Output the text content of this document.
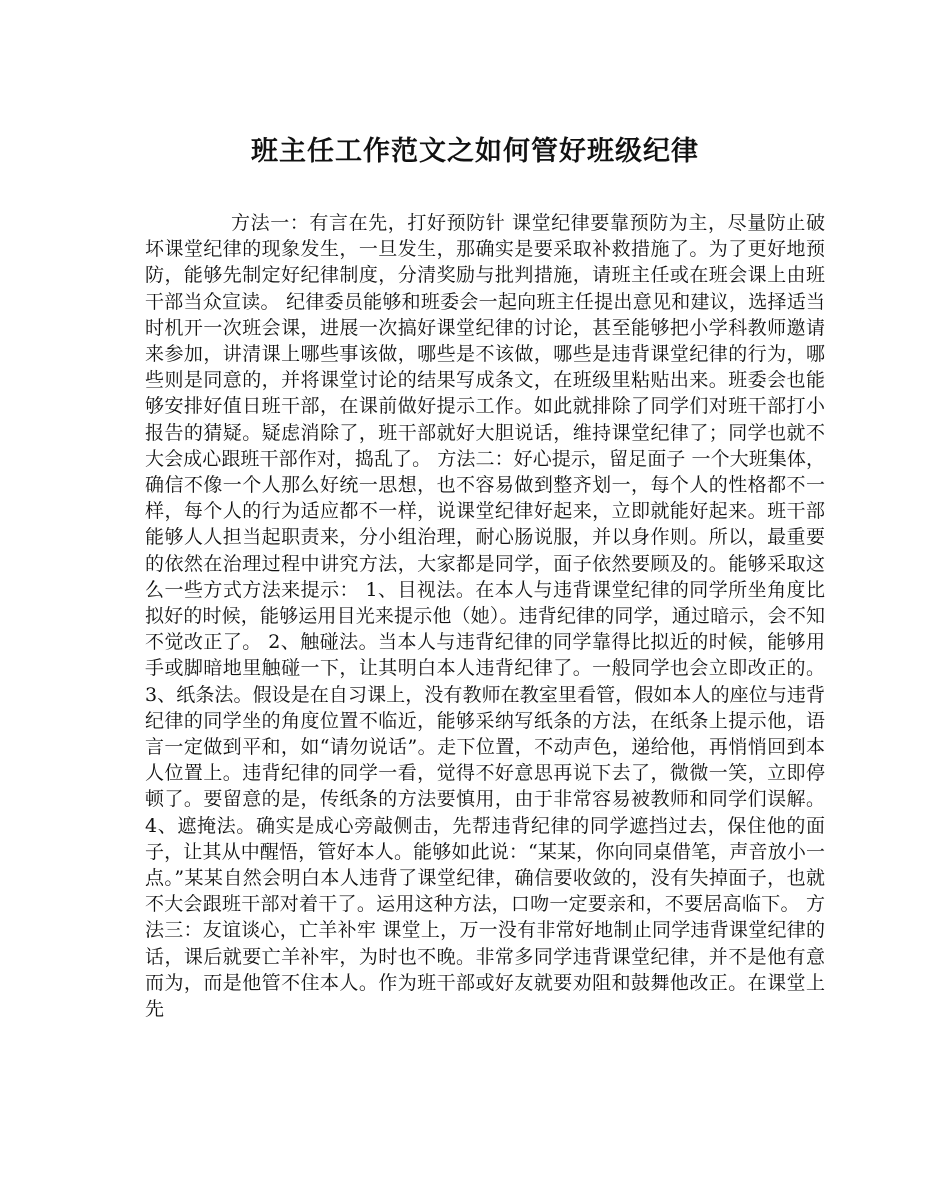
班主任工作范文之如何管好班级纪律

方法一：有言在先，打好预防针 课堂纪律要靠预防为主，尽量防止破坏课堂纪律的现象发生，一旦发生，那确实是要采取补救措施了。为了更好地预防，能够先制定好纪律制度，分清奖励与批判措施，请班主任或在班会课上由班干部当众宣读。 纪律委员能够和班委会一起向班主任提出意见和建议，选择适当时机开一次班会课，进展一次搞好课堂纪律的讨论，甚至能够把小学科教师邀请来参加，讲清课上哪些事该做，哪些是不该做，哪些是违背课堂纪律的行为，哪些则是同意的，并将课堂讨论的结果写成条文，在班级里粘贴出来。班委会也能够安排好值日班干部，在课前做好提示工作。如此就排除了同学们对班干部打小报告的猜疑。疑虑消除了，班干部就好大胆说话，维持课堂纪律了；同学也就不大会成心跟班干部作对，捣乱了。 方法二：好心提示，留足面子 一个大班集体，确信不像一个人那么好统一思想，也不容易做到整齐划一，每个人的性格都不一样，每个人的行为适应都不一样，说课堂纪律好起来，立即就能好起来。班干部能够人人担当起职责来，分小组治理，耐心肠说服，并以身作则。所以，最重要的依然在治理过程中讲究方法，大家都是同学，面子依然要顾及的。能够采取这么一些方式方法来提示： 1、目视法。在本人与违背课堂纪律的同学所坐角度比拟好的时候，能够运用目光来提示他（她）。违背纪律的同学，通过暗示，会不知不觉改正了。 2、触碰法。当本人与违背纪律的同学靠得比拟近的时候，能够用手或脚暗地里触碰一下，让其明白本人违背纪律了。一般同学也会立即改正的。 3、纸条法。假设是在自习课上，没有教师在教室里看管，假如本人的座位与违背纪律的同学坐的角度位置不临近，能够采纳写纸条的方法，在纸条上提示他，语言一定做到平和，如“请勿说话”。走下位置，不动声色，递给他，再悄悄回到本人位置上。违背纪律的同学一看，觉得不好意思再说下去了，微微一笑，立即停顿了。要留意的是，传纸条的方法要慎用，由于非常容易被教师和同学们误解。 4、遮掩法。确实是成心旁敲侧击，先帮违背纪律的同学遮挡过去，保住他的面子，让其从中醒悟，管好本人。能够如此说：“某某，你向同桌借笔，声音放小一点。”某某自然会明白本人违背了课堂纪律，确信要收敛的，没有失掉面子，也就不大会跟班干部对着干了。运用这种方法，口吻一定要亲和，不要居高临下。 方法三：友谊谈心，亡羊补牢 课堂上，万一没有非常好地制止同学违背课堂纪律的话，课后就要亡羊补牢，为时也不晚。非常多同学违背课堂纪律，并不是他有意而为，而是他管不住本人。作为班干部或好友就要劝阻和鼓舞他改正。在课堂上先
